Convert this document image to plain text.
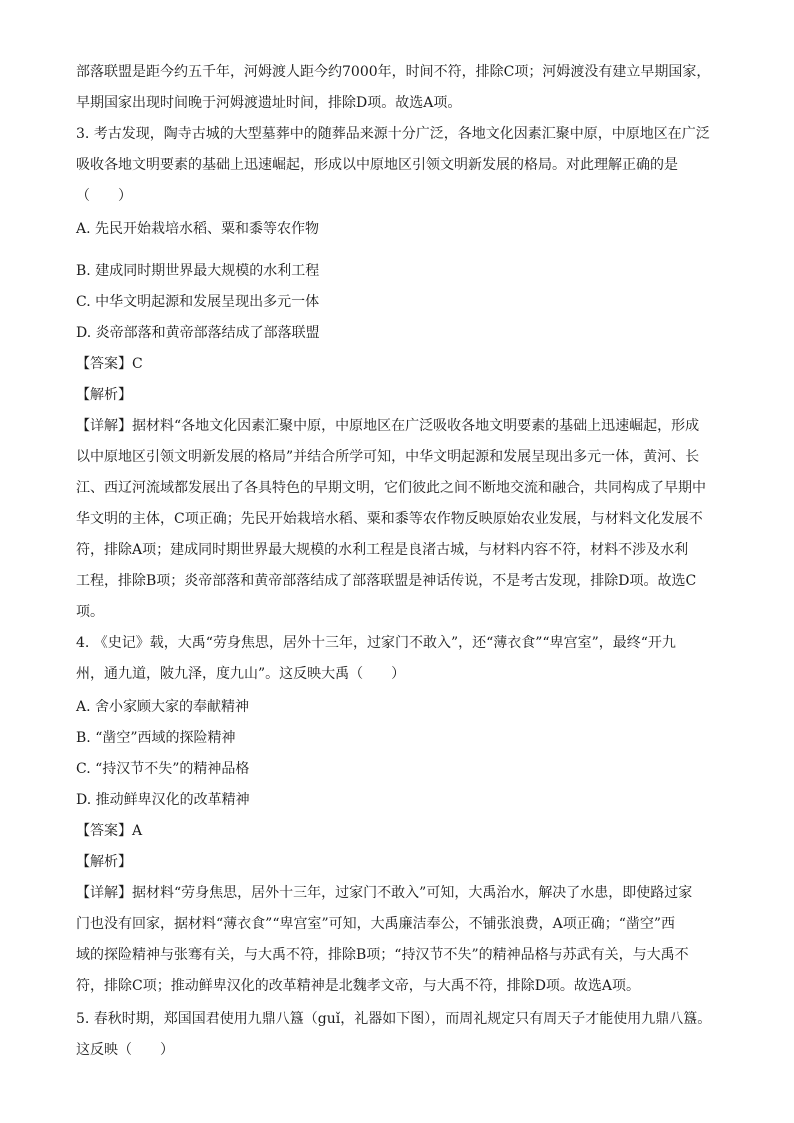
部落联盟是距今约五千年，河姆渡人距今约7000年，时间不符，排除C项；河姆渡没有建立早期国家，
早期国家出现时间晚于河姆渡遗址时间，排除D项。故选A项。
3. 考古发现，陶寺古城的大型墓葬中的随葬品来源十分广泛，各地文化因素汇聚中原，中原地区在广泛
吸收各地文明要素的基础上迅速崛起，形成以中原地区引领文明新发展的格局。对此理解正确的是
（　　）
A. 先民开始栽培水稻、粟和黍等农作物
B. 建成同时期世界最大规模的水利工程
C. 中华文明起源和发展呈现出多元一体
D. 炎帝部落和黄帝部落结成了部落联盟
【答案】C
【解析】
【详解】据材料“各地文化因素汇聚中原，中原地区在广泛吸收各地文明要素的基础上迅速崛起，形成
以中原地区引领文明新发展的格局”并结合所学可知，中华文明起源和发展呈现出多元一体，黄河、长
江、西辽河流域都发展出了各具特色的早期文明，它们彼此之间不断地交流和融合，共同构成了早期中
华文明的主体，C项正确；先民开始栽培水稻、粟和黍等农作物反映原始农业发展，与材料文化发展不
符，排除A项；建成同时期世界最大规模的水利工程是良渚古城，与材料内容不符，材料不涉及水利
工程，排除B项；炎帝部落和黄帝部落结成了部落联盟是神话传说，不是考古发现，排除D项。故选C
项。
4. 《史记》载，大禹“劳身焦思，居外十三年，过家门不敢入”，还“薄衣食”“卑宫室”，最终“开九
州，通九道，陂九泽，度九山”。这反映大禹（　　）
A. 舍小家顾大家的奉献精神
B. “凿空”西域的探险精神
C. “持汉节不失”的精神品格
D. 推动鲜卑汉化的改革精神
【答案】A
【解析】
【详解】据材料“劳身焦思，居外十三年，过家门不敢入”可知，大禹治水，解决了水患，即使路过家
门也没有回家，据材料“薄衣食”“卑宫室”可知，大禹廉洁奉公，不铺张浪费，A项正确；“凿空”西
域的探险精神与张骞有关，与大禹不符，排除B项；“持汉节不失”的精神品格与苏武有关，与大禹不
符，排除C项；推动鲜卑汉化的改革精神是北魏孝文帝，与大禹不符，排除D项。故选A项。
5. 春秋时期，郑国国君使用九鼎八簋（guǐ，礼器如下图），而周礼规定只有周天子才能使用九鼎八簋。
这反映（　　）
